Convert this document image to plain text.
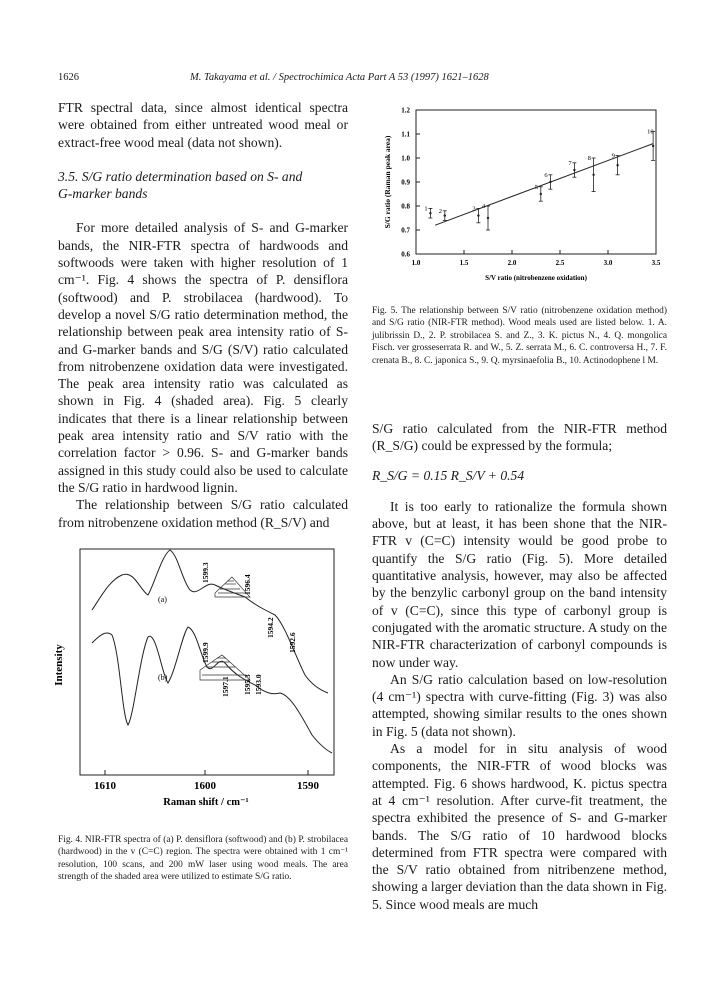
1626	M. Takayama et al. / Spectrochimica Acta Part A 53 (1997) 1621–1628

FTR spectral data, since almost identical spectra were obtained from either untreated wood meal or extract-free wood meal (data not shown).

3.5. S/G ratio determination based on S- and
G-marker bands

For more detailed analysis of S- and G-marker bands, the NIR-FTR spectra of hardwoods and softwoods were taken with higher resolution of 1 cm⁻¹. Fig. 4 shows the spectra of P. densiflora (softwood) and P. strobilacea (hardwood). To develop a novel S/G ratio determination method, the relationship between peak area intensity ratio of S- and G-marker bands and S/G (S/V) ratio calculated from nitrobenzene oxidation data were investigated. The peak area intensity ratio was calculated as shown in Fig. 4 (shaded area). Fig. 5 clearly indicates that there is a linear relationship between peak area intensity ratio and S/V ratio with the correlation factor > 0.96. S- and G-marker bands assigned in this study could also be used to calculate the S/G ratio in hardwood lignin.

The relationship between S/G ratio calculated from nitrobenzene oxidation method (R_S/V) and

Intensity
(a)
(b)
1599.3
1596.4
1594.2
1592.6
1599.9
1597.1 1595.3 1593.0
1610	1600	1590
Raman shift / cm⁻¹
Fig. 4. NIR-FTR spectra of (a) P. densiflora (softwood) and (b) P. strobilacea (hardwood) in the v (C=C) region. The spectra were obtained with 1 cm⁻¹ resolution, 100 scans, and 200 mW laser using wood meals. The area strength of the shaded area were utilized to estimate S/G ratio.
0.6
0.7
0.8
0.9
1.0
1.1
1.2
1.0	1.5	2.0	2.5	3.0	3.5
S/V ratio (nitrobenzene oxidation)
S/G ratio (Raman peak area)	1 2	3 4
5
6
7
8	9
10
Fig. 5. The relationship between S/V ratio (nitrobenzene oxidation method) and S/G ratio (NIR-FTR method). Wood meals used are listed below. 1. A. julibrissin D., 2. P. strobilacea S. and Z., 3. K. pictus N., 4. Q. mongolica Fisch. ver grosseserrata R. and W., 5. Z. serrata M., 6. C. controversa H., 7. F. crenata B., 8. C. japonica S., 9. Q. myrsinaefolia B., 10. Actinodophene l M.

S/G ratio calculated from the NIR-FTR method (R_S/G) could be expressed by the formula;

R_S/G = 0.15 R_S/V + 0.54

It is too early to rationalize the formula shown above, but at least, it has been shone that the NIR-FTR v (C=C) intensity would be good probe to quantify the S/G ratio (Fig. 5). More detailed quantitative analysis, however, may also be affected by the benzylic carbonyl group on the band intensity of v (C=C), since this type of carbonyl group is conjugated with the aromatic structure. A study on the NIR-FTR characterization of carbonyl compounds is now under way.

An S/G ratio calculation based on low-resolution (4 cm⁻¹) spectra with curve-fitting (Fig. 3) was also attempted, showing similar results to the ones shown in Fig. 5 (data not shown).

As a model for in situ analysis of wood components, the NIR-FTR of wood blocks was attempted. Fig. 6 shows hardwood, K. pictus spectra at 4 cm⁻¹ resolution. After curve-fit treatment, the spectra exhibited the presence of S- and G-marker bands. The S/G ratio of 10 hardwood blocks determined from FTR spectra were compared with the S/V ratio obtained from nitribenzene method, showing a larger deviation than the data shown in Fig. 5. Since wood meals are much
